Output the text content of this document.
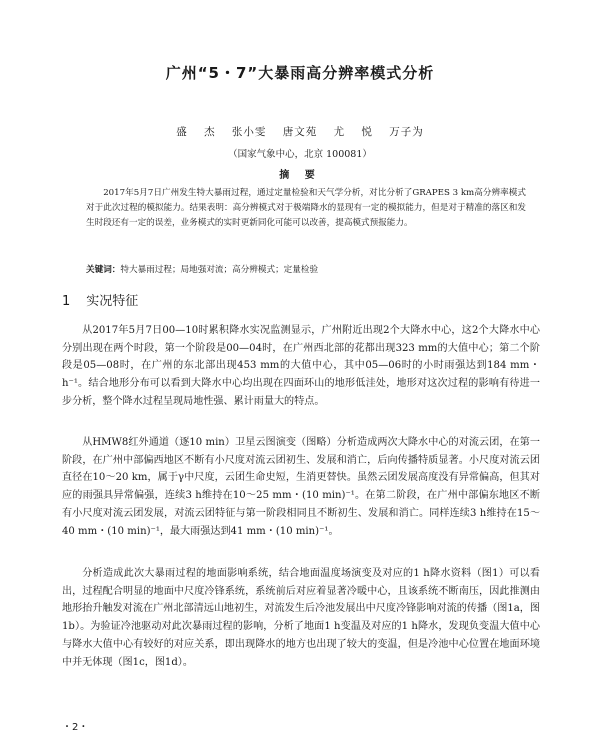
广州“5・7”大暴雨高分辨率模式分析
盛 杰 张小雯 唐文苑 尤 悦 万子为
（国家气象中心，北京 100081）
摘 要

2017年5月7日广州发生特大暴雨过程，通过定量检验和天气学分析，对比分析了GRAPES 3 km高分辨率模式对于此次过程的模拟能力。结果表明：高分辨模式对于极端降水的显现有一定的模拟能力，但是对于精准的落区和发生时段还有一定的误差，业务模式的实时更新同化可能可以改善，提高模式预报能力。

关键词：特大暴雨过程；局地强对流；高分辨模式；定量检验

1 实况特征

从2017年5月7日00—10时累积降水实况监测显示，广州附近出现2个大降水中心，这2个大降水中心分别出现在两个时段，第一个阶段是00—04时，在广州西北部的花都出现323 mm的大值中心；第二个阶段是05—08时，在广州的东北部出现453 mm的大值中心，其中05—06时的小时雨强达到184 mm・h⁻¹。结合地形分布可以看到大降水中心均出现在四面环山的地形低洼处，地形对这次过程的影响有待进一步分析，整个降水过程呈现局地性强、累计雨量大的特点。

从HMW8红外通道（逐10 min）卫星云图演变（图略）分析造成两次大降水中心的对流云团，在第一阶段，在广州中部偏西地区不断有小尺度对流云团初生、发展和消亡，后向传播特质显著。小尺度对流云团直径在10～20 km，属于γ中尺度，云团生命史短，生消更替快。虽然云团发展高度没有异常偏高，但其对应的雨强具异常偏强，连续3 h维持在10～25 mm・(10 min)⁻¹。在第二阶段，在广州中部偏东地区不断有小尺度对流云团发展，对流云团特征与第一阶段相同且不断初生、发展和消亡。同样连续3 h维持在15～40 mm・(10 min)⁻¹，最大雨强达到41 mm・(10 min)⁻¹。

分析造成此次大暴雨过程的地面影响系统，结合地面温度场演变及对应的1 h降水资料（图1）可以看出，过程配合明显的地面中尺度冷锋系统，系统前后对应着显著冷暖中心，且该系统不断南压，因此推测由地形抬升触发对流在广州北部清远山地初生，对流发生后冷池发展出中尺度冷锋影响对流的传播（图1a，图1b）。为验证冷池驱动对此次暴雨过程的影响，分析了地面1 h变温及对应的1 h降水，发现负变温大值中心与降水大值中心有较好的对应关系，即出现降水的地方也出现了较大的变温，但是冷池中心位置在地面环境中并无体现（图1c，图1d）。

・2・
